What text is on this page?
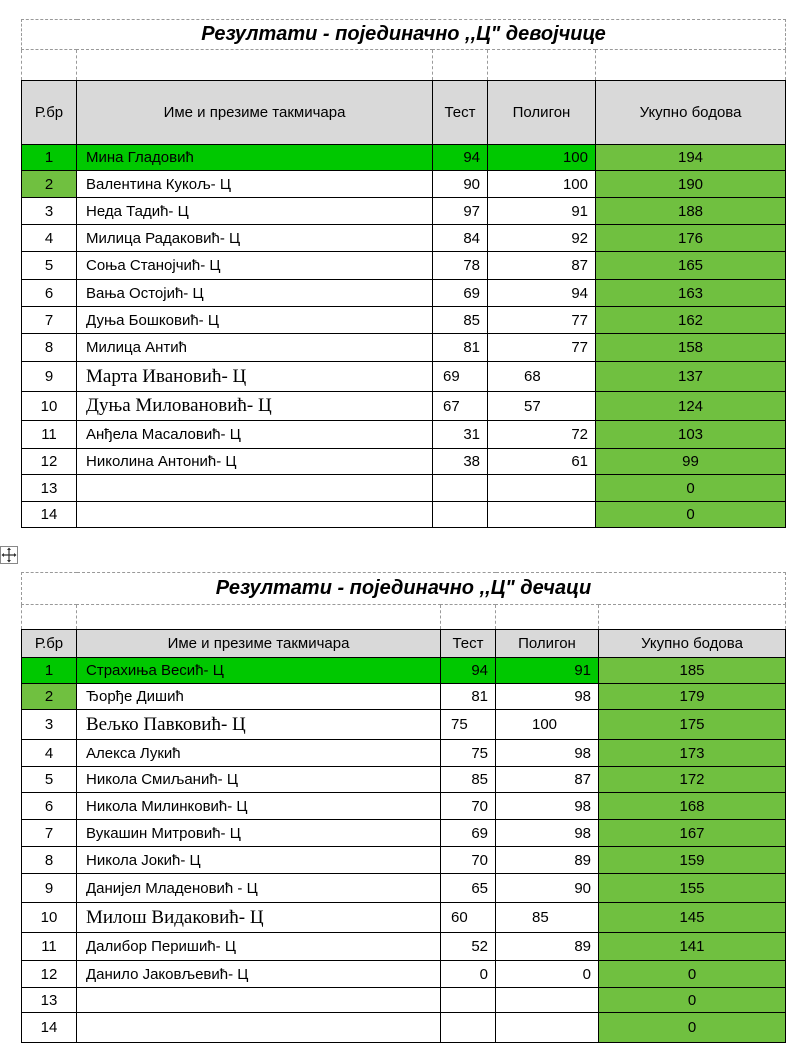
Резултати - појединачно ,,Ц" девојчице				

Р.бр	Име и презиме такмичара	Тест	Полигон	Укупно бодова
1	Мина Гладовић	94	100	194
2	Валентина Кукољ- Ц	90	100	190
3	Неда Тадић- Ц	97	91	188
4	Милица Радаковић- Ц	84	92	176
5	Соња Станојчић- Ц	78	87	165
6	Вања Остојић- Ц	69	94	163
7	Дуња Бошковић- Ц	85	77	162
8	Милица Антић	81	77	158
9	Марта Ивановић- Ц	69	68	137
10	Дуња Миловановић- Ц	67	57	124
11	Анђела Масаловић- Ц	31	72	103
12	Николина Антонић- Ц	38	61	99
13				0
14				0
Резултати - појединачно ,,Ц" дечаци				

Р.бр	Име и презиме такмичара	Тест	Полигон	Укупно бодова
1	Страхиња Весић- Ц	94	91	185
2	Ђорђе Дишић	81	98	179
3	Вељко Павковић- Ц	75	100	175
4	Алекса Лукић	75	98	173
5	Никола Смиљанић- Ц	85	87	172
6	Никола Милинковић- Ц	70	98	168
7	Вукашин Митровић- Ц	69	98	167
8	Никола Јокић- Ц	70	89	159
9	Данијел Младеновић - Ц	65	90	155
10	Милош Видаковић- Ц	60	85	145
11	Далибор Перишић- Ц	52	89	141
12	Данило Јаковљевић- Ц	0	0	0
13				0
14				0
